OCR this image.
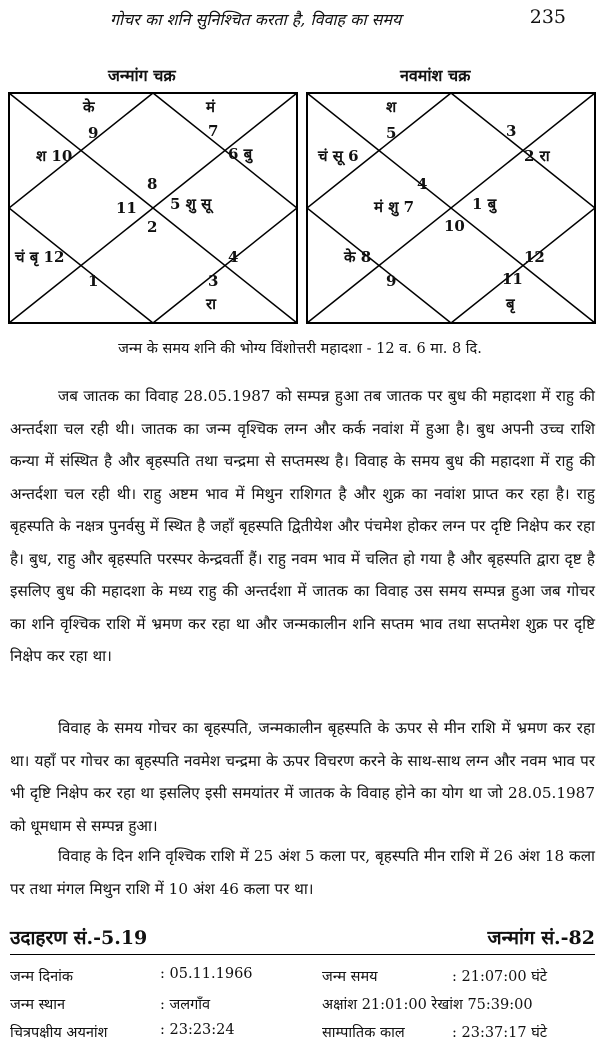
गोचर का शनि सुनिश्चित करता है, विवाह का समय	235
जन्मांग चक्र	नवमांश चक्र
के
9
मं
7
श 10	6 बु
8
11 5 शु सू
2
चं बृ 12
1
4
3
रा
श
5	3
चं सू 6	2 रा
4
मं शु 7	1 बु
10
के 8
9
12
11
बृ
जन्म के समय शनि की भोग्य विंशोत्तरी महादशा - 12 व. 6 मा. 8 दि.

जब जातक का विवाह 28.05.1987 को सम्पन्न हुआ तब जातक पर बुध की महादशा में राहु की अन्तर्दशा चल रही थी। जातक का जन्म वृश्चिक लग्न और कर्क नवांश में हुआ है। बुध अपनी उच्च राशि कन्या में संस्थित है और बृहस्पति तथा चन्द्रमा से सप्तमस्थ है। विवाह के समय बुध की महादशा में राहु की अन्तर्दशा चल रही थी। राहु अष्टम भाव में मिथुन राशिगत है और शुक्र का नवांश प्राप्त कर रहा है। राहु बृहस्पति के नक्षत्र पुनर्वसु में स्थित है जहाँ बृहस्पति द्वितीयेश और पंचमेश होकर लग्न पर दृष्टि निक्षेप कर रहा है। बुध, राहु और बृहस्पति परस्पर केन्द्रवर्ती हैं। राहु नवम भाव में चलित हो गया है और बृहस्पति द्वारा दृष्ट है इसलिए बुध की महादशा के मध्य राहु की अन्तर्दशा में जातक का विवाह उस समय सम्पन्न हुआ जब गोचर का शनि वृश्चिक राशि में भ्रमण कर रहा था और जन्मकालीन शनि सप्तम भाव तथा सप्तमेश शुक्र पर दृष्टि निक्षेप कर रहा था।

विवाह के समय गोचर का बृहस्पति, जन्मकालीन बृहस्पति के ऊपर से मीन राशि में भ्रमण कर रहा था। यहाँ पर गोचर का बृहस्पति नवमेश चन्द्रमा के ऊपर विचरण करने के साथ-साथ लग्न और नवम भाव पर भी दृष्टि निक्षेप कर रहा था इसलिए इसी समयांतर में जातक के विवाह होने का योग था जो 28.05.1987 को धूमधाम से सम्पन्न हुआ।

विवाह के दिन शनि वृश्चिक राशि में 25 अंश 5 कला पर, बृहस्पति मीन राशि में 26 अंश 18 कला पर तथा मंगल मिथुन राशि में 10 अंश 46 कला पर था।

उदाहरण सं.-5.19	जन्मांग सं.-82
जन्म दिनांक	: 05.11.1966	जन्म समय	: 21:07:00 घंटे
जन्म स्थान	: जलगाँव	अक्षांश 21:01:00 रेखांश 75:39:00
चित्रपक्षीय अयनांश	: 23:23:24	साम्पातिक काल	: 23:37:17 घंटे
